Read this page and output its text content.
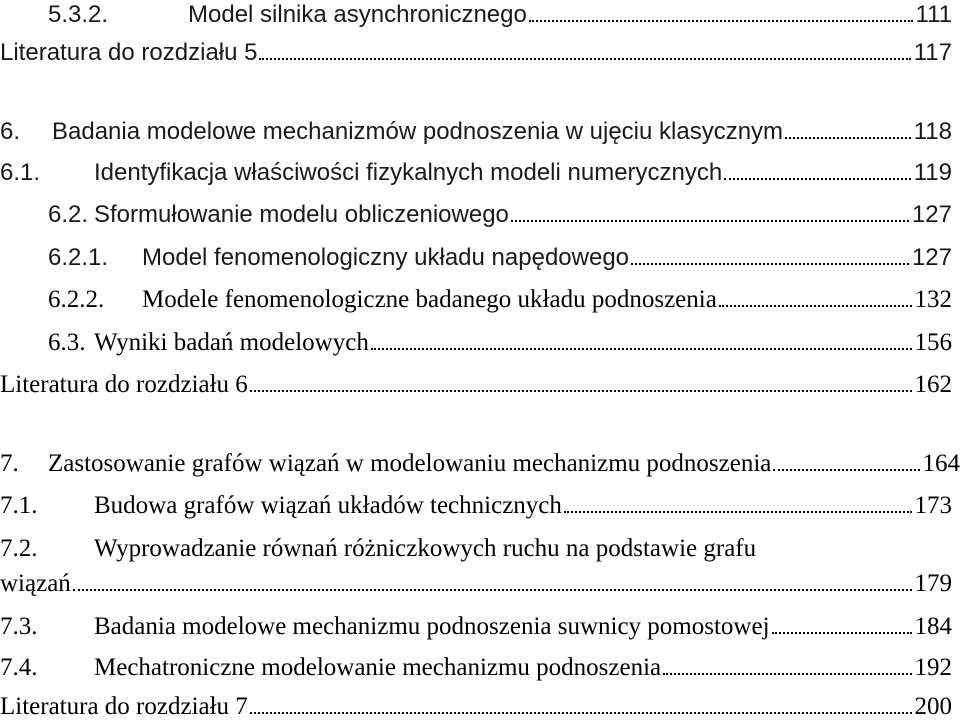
5.3.2.	Model silnika asynchronicznego	111
Literatura do rozdziału 5	117
6.	Badania modelowe mechanizmów podnoszenia w ujęciu klasycznym	118
6.1.	Identyfikacja właściwości fizykalnych modeli numerycznych	119
6.2. Sformułowanie modelu obliczeniowego	127
6.2.1.	Model fenomenologiczny układu napędowego	127
6.2.2.	Modele fenomenologiczne badanego układu podnoszenia	132
6.3. Wyniki badań modelowych	156
Literatura do rozdziału 6	162
7.	Zastosowanie grafów wiązań w modelowaniu mechanizmu podnoszenia	164
7.1.	Budowa grafów wiązań układów technicznych	173
7.2.	Wyprowadzanie równań różniczkowych ruchu na podstawie grafu
wiązań	179
7.3.	Badania modelowe mechanizmu podnoszenia suwnicy pomostowej	184
7.4.	Mechatroniczne modelowanie mechanizmu podnoszenia	192
Literatura do rozdziału 7	200
